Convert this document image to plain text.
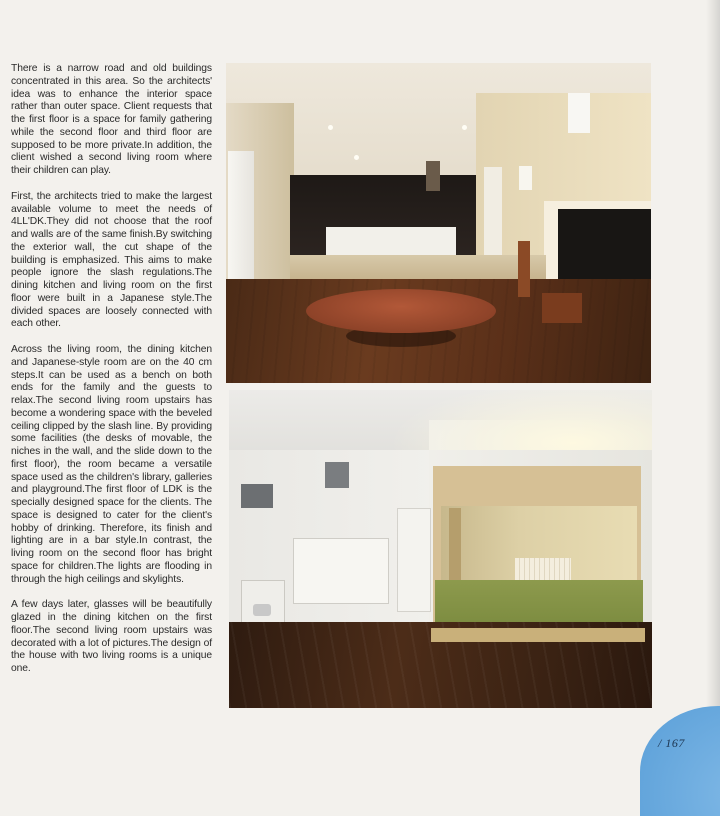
There is a narrow road and old buildings concentrated in this area. So the architects' idea was to enhance the interior space rather than outer space. Client requests that the first floor is a space for family gathering while the second floor and third floor are supposed to be more private.In addition, the client wished a second living room where their children can play.

First, the architects tried to make the largest available volume to meet the needs of 4LL'DK.They did not choose that the roof and walls are of the same finish.By switching the exterior wall, the cut shape of the building is emphasized. This aims to make people ignore the slash regulations.The dining kitchen and living room on the first floor were built in a Japanese style.The divided spaces are loosely connected with each other.

Across the living room, the dining kitchen and Japanese-style room are on the 40 cm steps.It can be used as a bench on both ends for the family and the guests to relax.The second living room upstairs has become a wondering space with the beveled ceiling clipped by the slash line. By providing some facilities (the desks of movable, the niches in the wall, and the slide down to the first floor), the room became a versatile space used as the children's library, galleries and playground.The first floor of LDK is the specially designed space for the clients. The space is designed to cater for the client's hobby of drinking. Therefore, its finish and lighting are in a bar style.In contrast, the living room on the second floor has bright space for children.The lights are flooding in through the high ceilings and skylights.

A few days later, glasses will be beautifully glazed in the dining kitchen on the first floor.The second living room upstairs was decorated with a lot of pictures.The design of the house with two living rooms is a unique one.

/ 167
